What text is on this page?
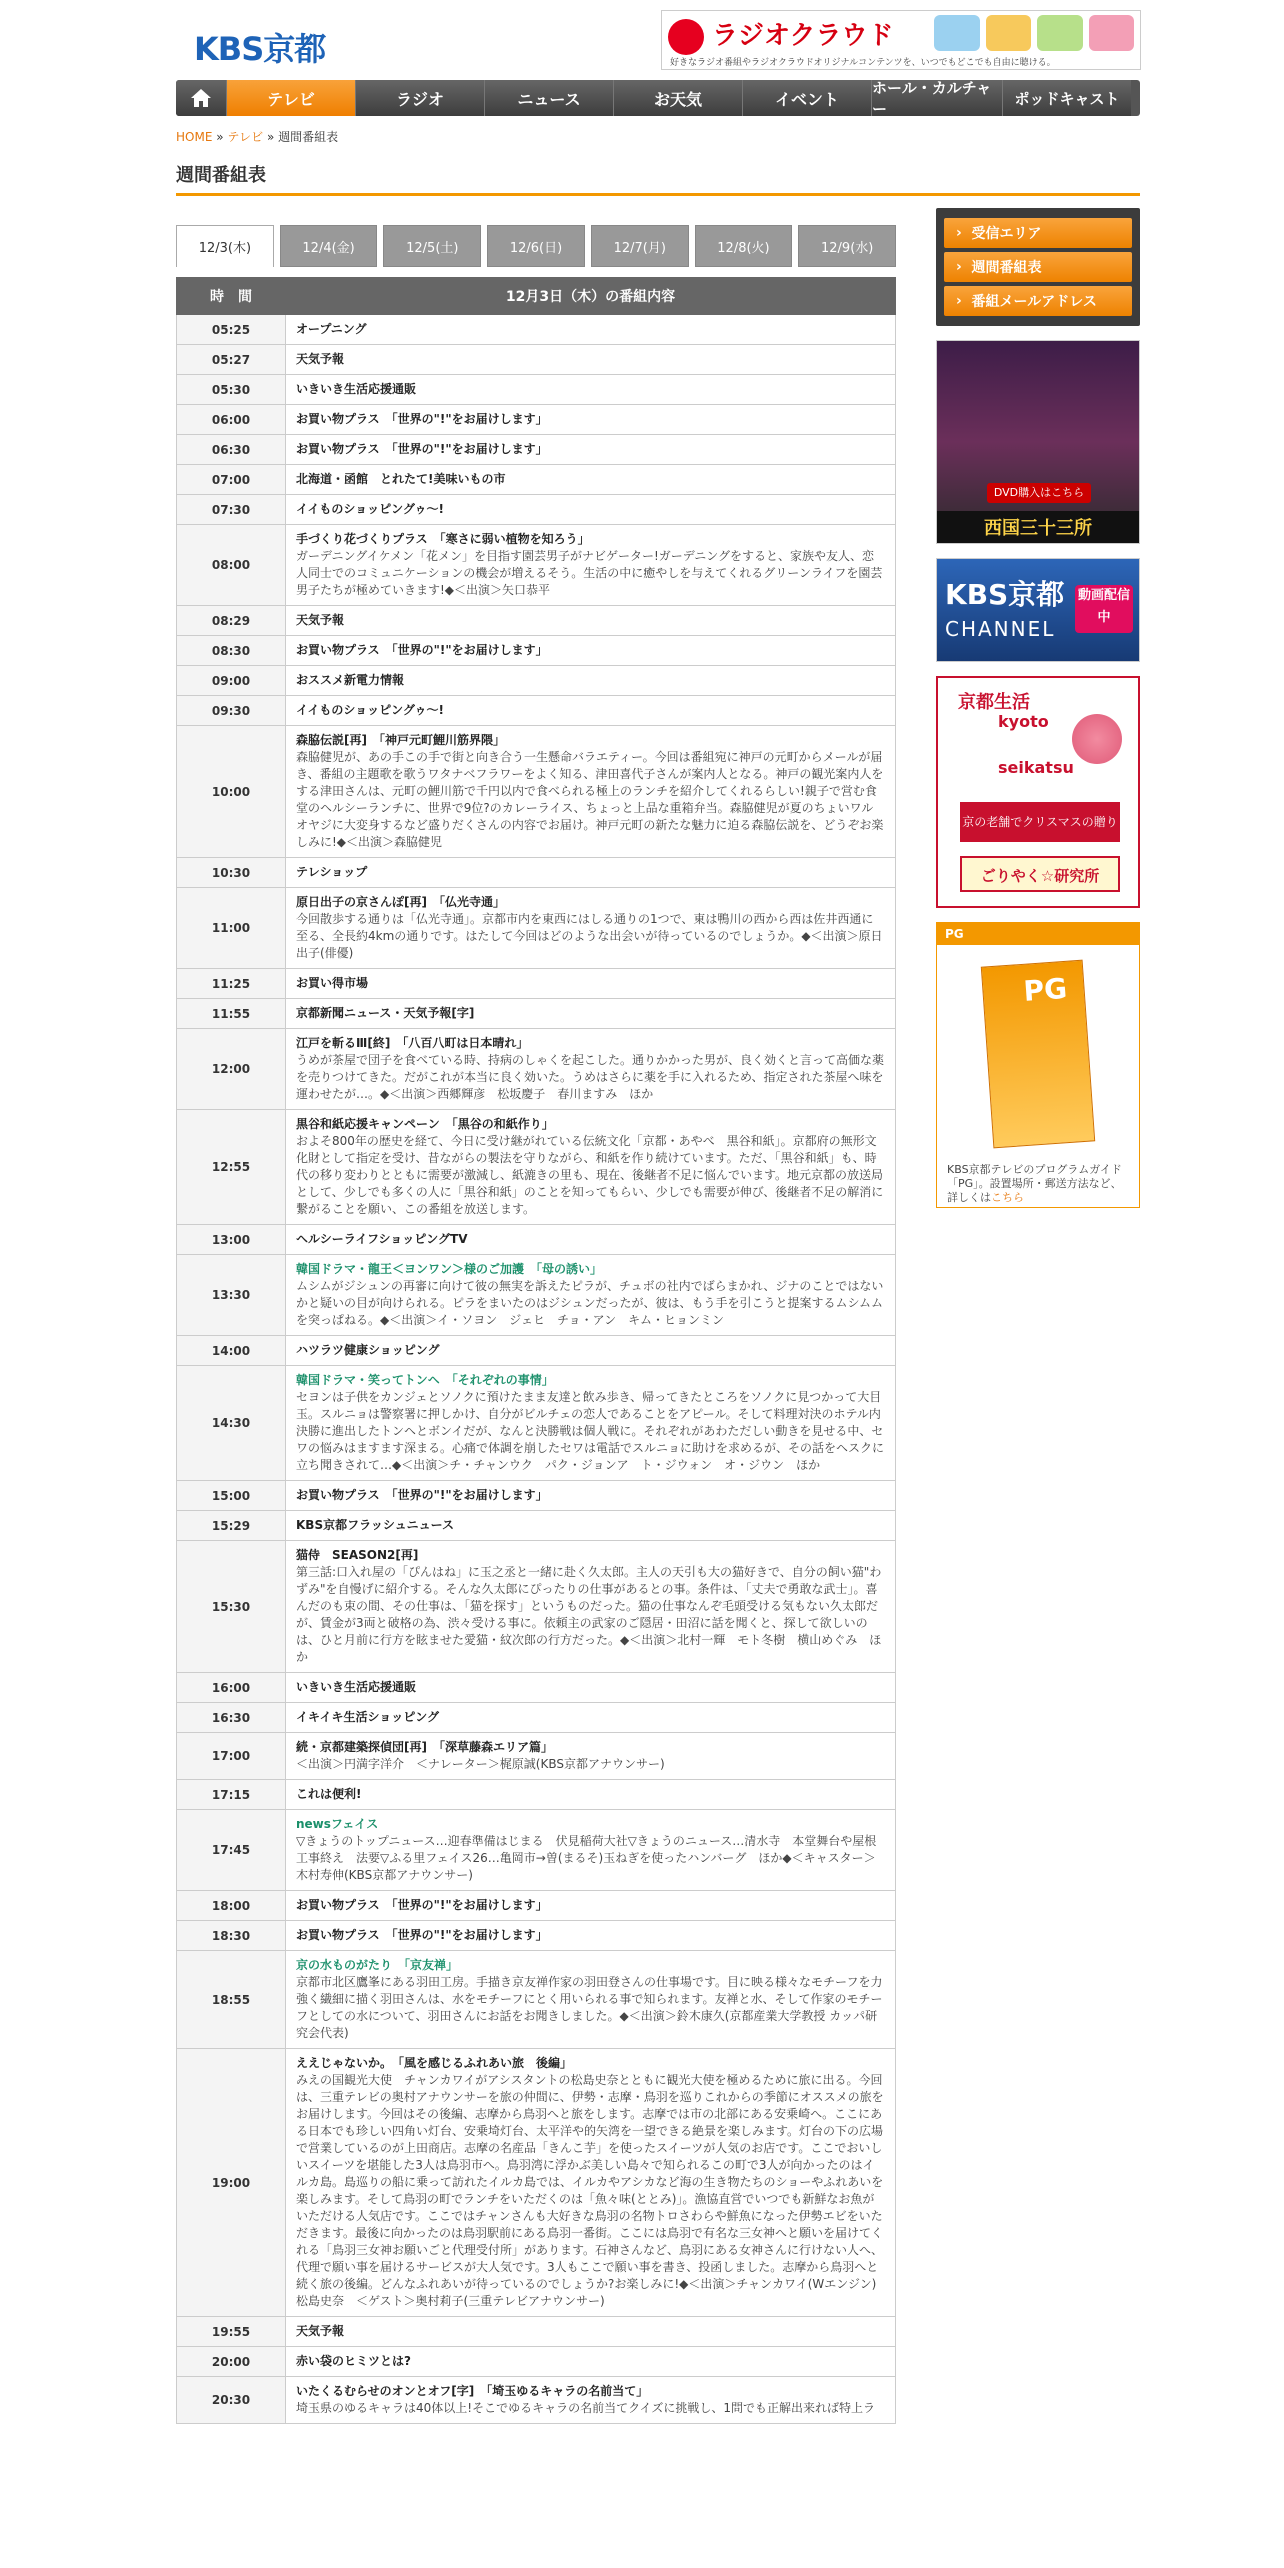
KBS京都	ラジオクラウド
好きなラジオ番組やラジオクラウドオリジナルコンテンツを、いつでもどこでも自由に聴ける。
テレビ	ラジオ	ニュース	お天気	イベント
ホール・カルチャー
ポッドキャスト
HOME » テレビ » 週間番組表
週間番組表
12/3(木)	12/4(金)	12/5(土)	12/6(日)	12/7(月)	12/8(火)	12/9(水)
時　間	12月3日（木）の番組内容
05:25	オープニング

05:27	天気予報

05:30	いきいき生活応援通販

06:00	お買い物プラス　「世界の"!"をお届けします」

06:30	お買い物プラス　「世界の"!"をお届けします」

07:00	北海道・函館　とれたて!美味いもの市

07:30	イイものショッピングゥ～!

08:00	手づくり花づくりプラス　「寒さに弱い植物を知ろう」
ガーデニングイケメン「花メン」を目指す園芸男子がナビゲーター!ガーデニングをすると、家族や友人、恋人同士でのコミュニケーションの機会が増えるそう。生活の中に癒やしを与えてくれるグリーンライフを園芸男子たちが極めていきます!◆＜出演＞矢口恭平

08:29	天気予報

08:30	お買い物プラス　「世界の"!"をお届けします」

09:00	おススメ新電力情報

09:30	イイものショッピングゥ～!

10:00	森脇伝説[再]　「神戸元町鯉川筋界隈」
森脇健児が、あの手この手で街と向き合う一生懸命バラエティー。今回は番組宛に神戸の元町からメールが届き、番組の主題歌を歌うワタナベフラワーをよく知る、津田喜代子さんが案内人となる。神戸の観光案内人をする津田さんは、元町の鯉川筋で千円以内で食べられる極上のランチを紹介してくれるらしい!親子で営む食堂のヘルシーランチに、世界で9位?のカレーライス、ちょっと上品な重箱弁当。森脇健児が夏のちょいワルオヤジに大変身するなど盛りだくさんの内容でお届け。神戸元町の新たな魅力に迫る森脇伝説を、どうぞお楽しみに!◆＜出演＞森脇健児

10:30	テレショップ

11:00	原日出子の京さんぽ[再]　「仏光寺通」
今回散歩する通りは「仏光寺通」。京都市内を東西にはしる通りの1つで、東は鴨川の西から西は佐井西通に至る、全長約4kmの通りです。はたして今回はどのような出会いが待っているのでしょうか。◆＜出演＞原日出子(俳優)

11:25	お買い得市場

11:55	京都新聞ニュース・天気予報[字]

12:00	江戸を斬るⅢ[終]　「八百八町は日本晴れ」
うめが茶屋で団子を食べている時、持病のしゃくを起こした。通りかかった男が、良く効くと言って高価な薬を売りつけてきた。だがこれが本当に良く効いた。うめはさらに薬を手に入れるため、指定された茶屋へ味を運わせたが…。◆＜出演＞西郷輝彦　松坂慶子　春川ますみ　ほか

12:55	黒谷和紙応援キャンペーン　「黒谷の和紙作り」
およそ800年の歴史を経て、今日に受け継がれている伝統文化「京都・あやべ　黒谷和紙」。京都府の無形文化財として指定を受け、昔ながらの製法を守りながら、和紙を作り続けています。ただ、「黒谷和紙」も、時代の移り変わりとともに需要が激減し、紙漉きの里も、現在、後継者不足に悩んでいます。地元京都の放送局として、少しでも多くの人に「黒谷和紙」のことを知ってもらい、少しでも需要が伸び、後継者不足の解消に繋がることを願い、この番組を放送します。

13:00	ヘルシーライフショッピングTV

13:30	韓国ドラマ・龍王＜ヨンワン＞様のご加護　「母の誘い」
ムシムがジシュンの再審に向けて彼の無実を訴えたピラが、チュボの社内でばらまかれ、ジナのことではないかと疑いの目が向けられる。ピラをまいたのはジシュンだったが、彼は、もう手を引こうと提案するムシムムを突っぱねる。◆＜出演＞イ・ソヨン　ジェヒ　チョ・アン　キム・ヒョンミン

14:00	ハツラツ健康ショッピング

14:30	韓国ドラマ・笑ってトンヘ　「それぞれの事情」
セヨンは子供をカンジェとソノクに預けたまま友達と飲み歩き、帰ってきたところをソノクに見つかって大目玉。スルニョは警察署に押しかけ、自分がビルチェの恋人であることをアピール。そして料理対決のホテル内決勝に進出したトンヘとボンイだが、なんと決勝戦は個人戦に。それぞれがあわただしい動きを見せる中、セワの悩みはますます深まる。心痛で体調を崩したセワは電話でスルニョに助けを求めるが、その話をヘスクに立ち聞きされて…◆＜出演＞チ・チャンウク　パク・ジョンア　ト・ジウォン　オ・ジウン　ほか

15:00	お買い物プラス　「世界の"!"をお届けします」

15:29	KBS京都フラッシュニュース

15:30	猫侍　SEASON2[再]
第三話:口入れ屋の「ぴんはね」に玉之丞と一緒に赴く久太郎。主人の天引も大の猫好きで、自分の飼い猫"わずみ"を自慢げに紹介する。そんな久太郎にぴったりの仕事があるとの事。条件は、「丈夫で勇敢な武士」。喜んだのも束の間、その仕事は、「猫を探す」というものだった。猫の仕事なんぞ毛頭受ける気もない久太郎だが、賃金が3両と破格の為、渋々受ける事に。依頼主の武家のご隠居・田沼に話を聞くと、探して欲しいのは、ひと月前に行方を眩ませた愛猫・紋次郎の行方だった。◆＜出演＞北村一輝　モト冬樹　横山めぐみ　ほか

16:00	いきいき生活応援通販

16:30	イキイキ生活ショッピング

17:00	続・京都建築探偵団[再]　「深草藤森エリア篇」
＜出演＞円満字洋介　＜ナレーター＞梶原誠(KBS京都アナウンサー)

17:15	これは便利!

17:45	newsフェイス
▽きょうのトップニュース…迎春準備はじまる　伏見稲荷大社▽きょうのニュース…清水寺　本堂舞台や屋根　工事終え　法要▽ふる里フェイス26…亀岡市→曽(まるそ)玉ねぎを使ったハンバーグ　ほか◆＜キャスター＞木村寿伸(KBS京都アナウンサー)

18:00	お買い物プラス　「世界の"!"をお届けします」

18:30	お買い物プラス　「世界の"!"をお届けします」

18:55	京の水ものがたり　「京友禅」
京都市北区鷹峯にある羽田工房。手描き京友禅作家の羽田登さんの仕事場です。目に映る様々なモチーフを力強く繊細に描く羽田さんは、水をモチーフにとく用いられる事で知られます。友禅と水、そして作家のモチーフとしての水について、羽田さんにお話をお聞きしました。◆＜出演＞鈴木康久(京都産業大学教授 カッパ研究会代表)

19:00	ええじゃないか。　「風を感じるふれあい旅　後編」
みえの国観光大使　チャンカワイがアシスタントの松島史奈とともに観光大使を極めるために旅に出る。今回は、三重テレビの奥村アナウンサーを旅の仲間に、伊勢・志摩・鳥羽を巡りこれからの季節にオススメの旅をお届けします。今回はその後編、志摩から鳥羽へと旅をします。志摩では市の北部にある安乗崎へ。ここにある日本でも珍しい四角い灯台、安乗埼灯台、太平洋や的矢湾を一望できる絶景を楽しみます。灯台の下の広場で営業しているのが上田商店。志摩の名産品「きんこ芋」を使ったスイーツが人気のお店です。ここでおいしいスイーツを堪能した3人は鳥羽市へ。鳥羽湾に浮かぶ美しい島々で知られるこの町で3人が向かったのはイルカ島。島巡りの船に乗って訪れたイルカ島では、イルカやアシカなど海の生き物たちのショーやふれあいを楽しみます。そして鳥羽の町でランチをいただくのは「魚々味(ととみ)」。漁協直営でいつでも新鮮なお魚がいただける人気店です。ここではチャンさんも大好きな鳥羽の名物トロさわらや鮮魚になった伊勢エビをいただきます。最後に向かったのは鳥羽駅前にある鳥羽一番街。ここには鳥羽で有名な三女神へと願いを届けてくれる「鳥羽三女神お願いごと代理受付所」があります。石神さんなど、鳥羽にある女神さんに行けない人へ、代理で願い事を届けるサービスが大人気です。3人もここで願い事を書き、投函しました。志摩から鳥羽へと続く旅の後編。どんなふれあいが待っているのでしょうか?お楽しみに!◆＜出演＞チャンカワイ(Wエンジン)　松島史奈　＜ゲスト＞奥村莉子(三重テレビアナウンサー)

19:55	天気予報

20:00	赤い袋のヒミツとは?

20:30	いたくるむらせのオンとオフ[字]　「埼玉ゆるキャラの名前当て」
埼玉県のゆるキャラは40体以上!そこでゆるキャラの名前当てクイズに挑戦し、1問でも正解出来れば特上ラ
› 受信エリア
› 週間番組表
› 番組メールアドレス
DVD購入はこちら
西国三十三所
KBS京都
CHANNEL
動画配信中
京都生活
kyoto
seikatsu
京の老舗でクリスマスの贈り
ごりやく☆研究所
PG
PG
KBS京都テレビのプログラムガイド「PG」。設置場所・郵送方法など、詳しくはこちら
